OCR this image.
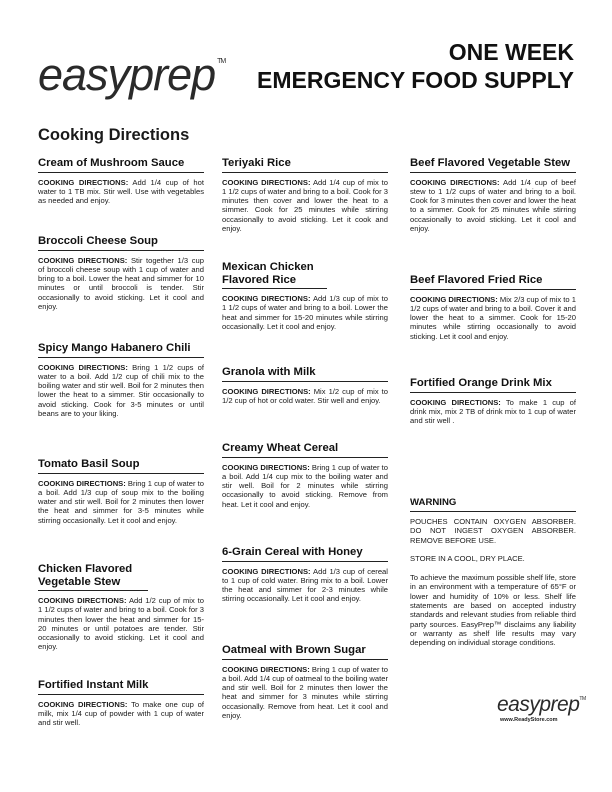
easyprep ™	ONE WEEK
EMERGENCY FOOD SUPPLY
Cooking Directions
Cream of Mushroom Sauce

COOKING DIRECTIONS: Add 1/4 cup of hot water to 1 TB mix. Stir well. Use with vegetables as needed and enjoy.

Broccoli Cheese Soup

COOKING DIRECTIONS: Stir together 1/3 cup of broccoli cheese soup with 1 cup of water and bring to a boil. Lower the heat and simmer for 10 minutes or until broccoli is tender. Stir occasionally to avoid sticking. Let it cool and enjoy.

Spicy Mango Habanero Chili

COOKING DIRECTIONS: Bring 1 1/2 cups of water to a boil. Add 1/2 cup of chili mix to the boiling water and stir well. Boil for 2 minutes then lower the heat to a simmer. Stir occasionally to avoid sticking. Cook for 3-5 minutes or until beans are to your liking.

Tomato Basil Soup

COOKING DIRECTIONS: Bring 1 cup of water to a boil. Add 1/3 cup of soup mix to the boiling water and stir well. Boil for 2 minutes then lower the heat and simmer for 3-5 minutes while stirring occasionally. Let it cool and enjoy.

Chicken Flavored Vegetable Stew

COOKING DIRECTIONS: Add 1/2 cup of mix to 1 1/2 cups of water and bring to a boil. Cook for 3 minutes then lower the heat and simmer for 15-20 minutes or until potatoes are tender. Stir occasionally to avoid sticking. Let it cool and enjoy.

Fortified Instant Milk

COOKING DIRECTIONS: To make one cup of milk, mix 1/4 cup of powder with 1 cup of water and stir well.

Teriyaki Rice

COOKING DIRECTIONS: Add 1/4 cup of mix to 1 1/2 cups of water and bring to a boil. Cook for 3 minutes then cover and lower the heat to a simmer. Cook for 25 minutes while stirring occasionally to avoid sticking. Let it cook and enjoy.

Mexican Chicken Flavored Rice

COOKING DIRECTIONS: Add 1/3 cup of mix to 1 1/2 cups of water and bring to a boil. Lower the heat and simmer for 15-20 minutes while stirring occasionally. Let it cool and enjoy.

Granola with Milk

COOKING DIRECTIONS: Mix 1/2 cup of mix to 1/2 cup of hot or cold water. Stir well and enjoy.

Creamy Wheat Cereal

COOKING DIRECTIONS: Bring 1 cup of water to a boil. Add 1/4 cup mix to the boiling water and stir well. Boil for 2 minutes while stirring occasionally to avoid sticking. Remove from heat. Let it cool and enjoy.

6-Grain Cereal with Honey

COOKING DIRECTIONS: Add 1/3 cup of cereal to 1 cup of cold water. Bring mix to a boil. Lower the heat and simmer for 2-3 minutes while stirring occasionally. Let it cool and enjoy.

Oatmeal with Brown Sugar

COOKING DIRECTIONS: Bring 1 cup of water to a boil. Add 1/4 cup of oatmeal to the boiling water and stir well. Boil for 2 minutes then lower the heat and simmer for 3 minutes while stirring occasionally. Remove from heat. Let it cool and enjoy.

Beef Flavored Vegetable Stew

COOKING DIRECTIONS: Add 1/4 cup of beef stew to 1 1/2 cups of water and bring to a boil. Cook for 3 minutes then cover and lower the heat to a simmer. Cook for 25 minutes while stirring occasionally to avoid sticking. Let it cool and enjoy.

Beef Flavored Fried Rice

COOKING DIRECTIONS: Mix 2/3 cup of mix to 1 1/2 cups of water and bring to a boil. Cover it and lower the heat to a simmer. Cook for 15-20 minutes while stirring occasionally to avoid sticking. Let it cool and enjoy.

Fortified Orange Drink Mix

COOKING DIRECTIONS: To make 1 cup of drink mix, mix 2 TB of drink mix to 1 cup of water and stir well .

WARNING

POUCHES CONTAIN OXYGEN ABSORBER. DO NOT INGEST OXYGEN ABSORBER. REMOVE BEFORE USE.

STORE IN A COOL, DRY PLACE.

To achieve the maximum possible shelf life, store in an environment with a temperature of 65°F or lower and humidity of 10% or less. Shelf life statements are based on accepted industry standards and relevant studies from reliable third party sources. EasyPrep™ disclaims any liability or warranty as shelf life results may vary depending on individual storage conditions.

easyprep™
www.ReadyStore.com
